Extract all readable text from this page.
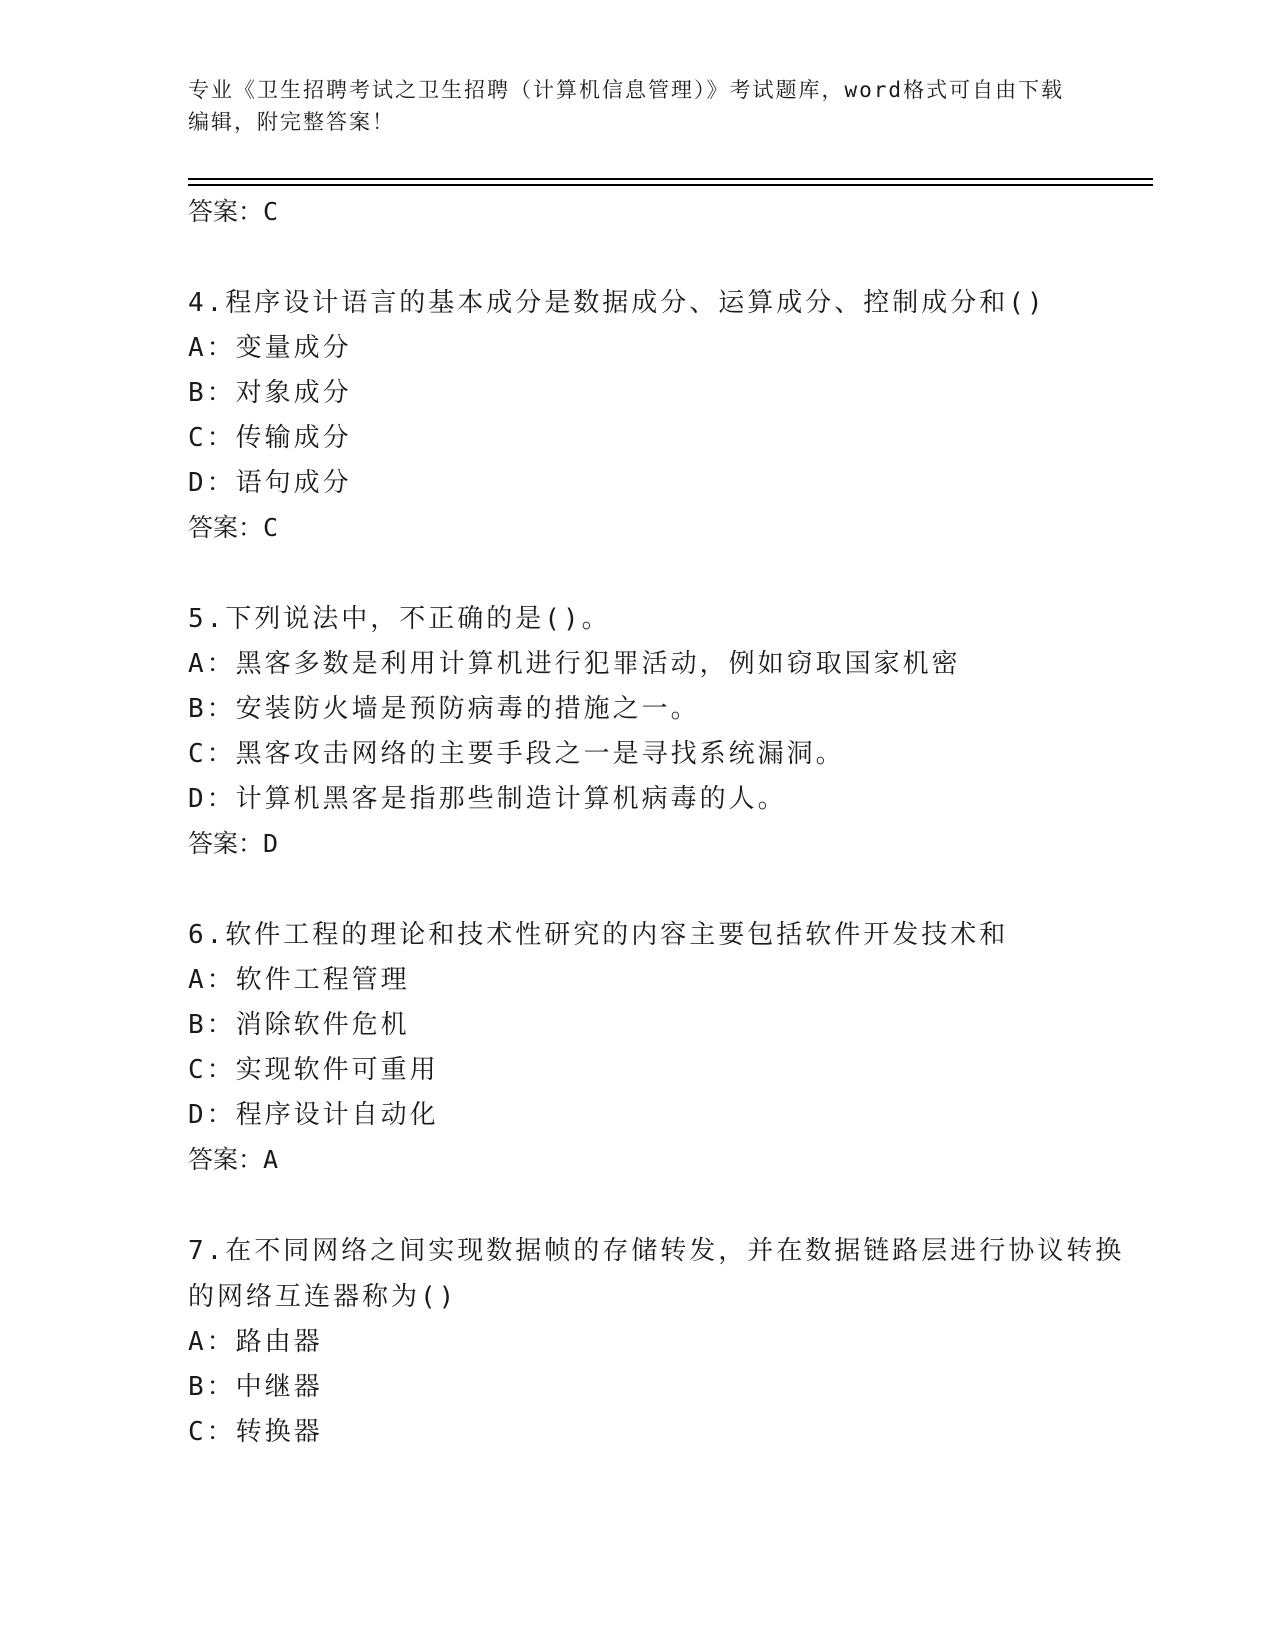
专业《卫生招聘考试之卫生招聘（计算机信息管理）》考试题库，word格式可自由下载编辑，附完整答案！
答案：C
4.程序设计语言的基本成分是数据成分、运算成分、控制成分和()
A：变量成分
B：对象成分
C：传输成分
D：语句成分
答案：C
5.下列说法中，不正确的是()。
A：黑客多数是利用计算机进行犯罪活动，例如窃取国家机密
B：安装防火墙是预防病毒的措施之一。
C：黑客攻击网络的主要手段之一是寻找系统漏洞。
D：计算机黑客是指那些制造计算机病毒的人。
答案：D
6.软件工程的理论和技术性研究的内容主要包括软件开发技术和
A：软件工程管理
B：消除软件危机
C：实现软件可重用
D：程序设计自动化
答案：A
7.在不同网络之间实现数据帧的存储转发，并在数据链路层进行协议转换的网络互连器称为()
A：路由器
B：中继器
C：转换器
